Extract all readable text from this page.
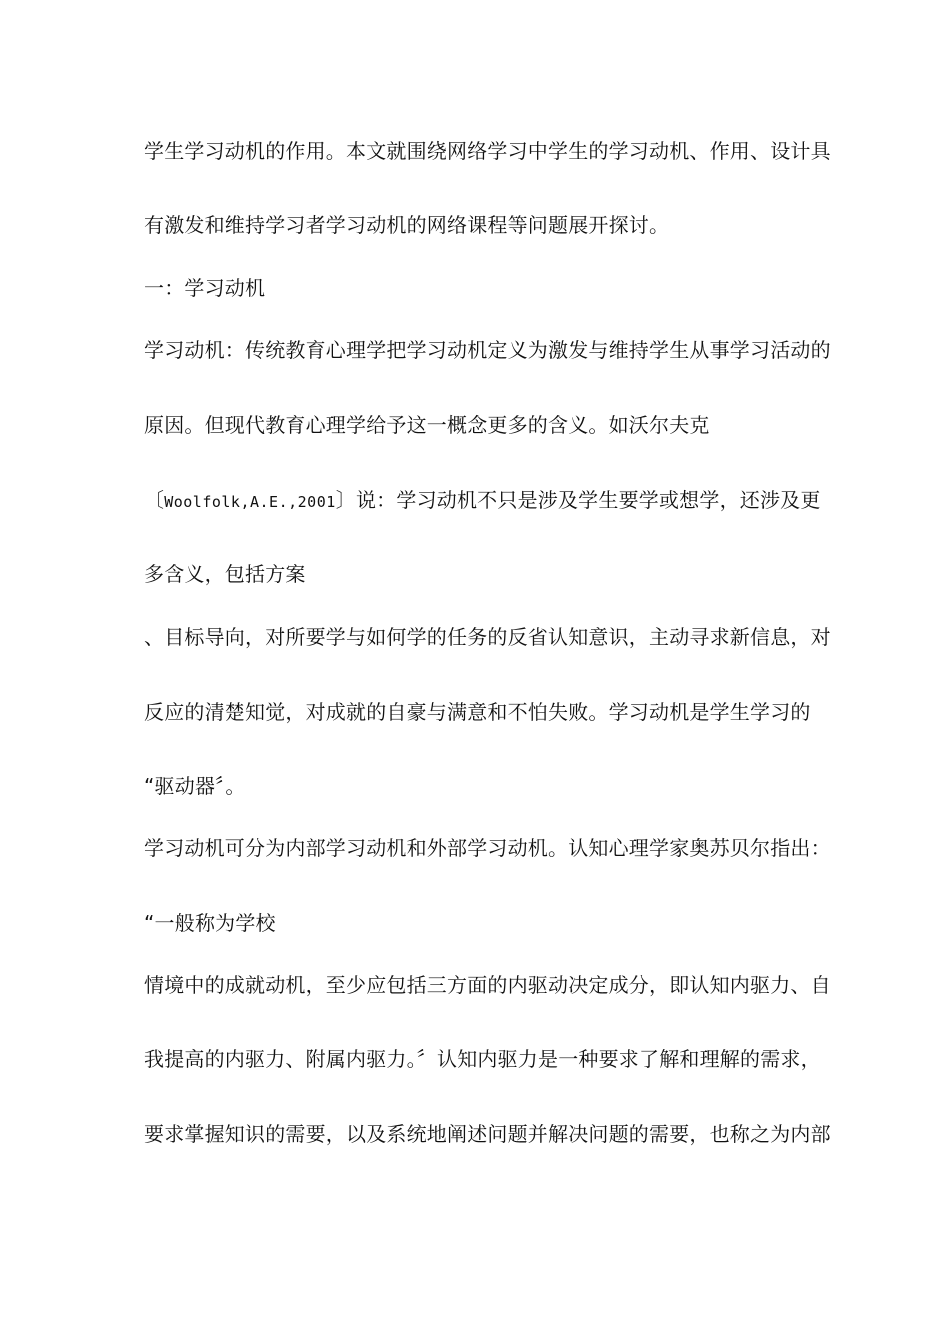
学生学习动机的作用。本文就围绕网络学习中学生的学习动机、作用、设计具
有激发和维持学习者学习动机的网络课程等问题展开探讨。
一：学习动机
学习动机：传统教育心理学把学习动机定义为激发与维持学生从事学习活动的
原因。但现代教育心理学给予这一概念更多的含义。如沃尔夫克
〔Woolfolk,A.E.,2001〕说：学习动机不只是涉及学生要学或想学，还涉及更
多含义，包括方案
、目标导向，对所要学与如何学的任务的反省认知意识，主动寻求新信息，对
反应的清楚知觉，对成就的自豪与满意和不怕失败。学习动机是学生学习的
“驱动器〞。
学习动机可分为内部学习动机和外部学习动机。认知心理学家奥苏贝尔指出：
“一般称为学校
情境中的成就动机，至少应包括三方面的内驱动决定成分，即认知内驱力、自
我提高的内驱力、附属内驱力。〞认知内驱力是一种要求了解和理解的需求，
要求掌握知识的需要，以及系统地阐述问题并解决问题的需要，也称之为内部
